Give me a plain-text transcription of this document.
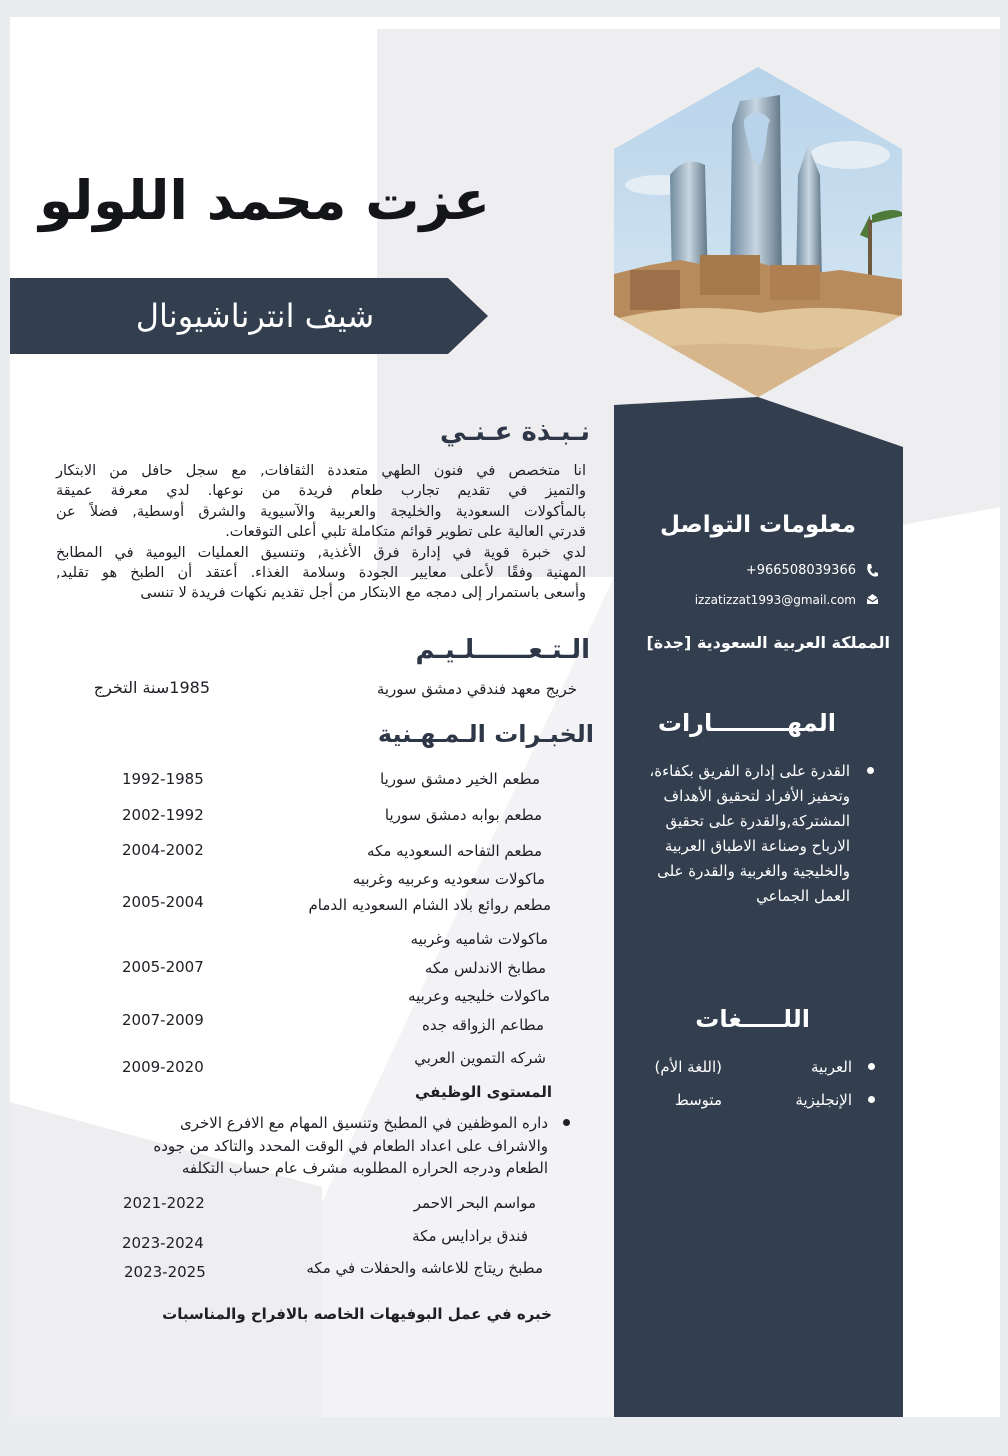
عزت محمد اللولو
شيف انترناشيونال
نـبـذة عـنـي
انا متخصص في فنون الطهي متعددة الثقافات, مع سجل حافل من الابتكار
والتميز في تقديم تجارب طعام فريدة من نوعها. لدي معرفة عميقة
بالمأكولات السعودية والخليجة والعربية والآسيوية والشرق أوسطية, فضلاً عن
قدرتي العالية على تطوير قوائم متكاملة تلبي أعلى التوقعات.
لدي خبرة قوية في إدارة فرق الأغذية, وتنسيق العمليات اليومية في المطابخ
المهنية وفقًا لأعلى معايير الجودة وسلامة الغذاء. أعتقد أن الطبخ هو تقليد,
وأسعى باستمرار إلى دمجه مع الابتكار من أجل تقديم نكهات فريدة لا تنسى
الـتـعــــــلـيـم
خريج معهد فندقي دمشق سورية
1985سنة التخرج
الخبـرات الـمـهـنية
مطعم الخير دمشق سوريا
1992-1985
مطعم بوابه دمشق سوريا
2002-1992
مطعم التفاحه السعوديه مكه
2004-2002
ماكولات سعوديه وعربيه وغربيه
مطعم روائع بلاد الشام السعوديه الدمام
2005-2004
ماكولات شاميه وغربيه
مطابخ الاندلس مكه
2005-2007
ماكولات خليجيه وعربيه
مطاعم الزواقه جده
2007-2009
شركه التموين العربي
2009-2020
المستوى الوظيفي
داره الموظفين في المطبخ وتنسيق المهام مع الافرع الاخرى
والاشراف على اعداد الطعام في الوقت المحدد والتاكد من جوده
الطعام ودرجه الحراره المطلوبه مشرف عام حساب التكلفه
مواسم البحر الاحمر
2021-2022
فندق برادايس مكة
2023-2024
مطبخ ريتاج للاعاشه والحفلات في مكه
2023-2025
خبره في عمل البوفيهات الخاصه بالافراح والمناسبات
معلومات التواصل
+966508039366
izzatizzat1993@gmail.com
المملكة العربية السعودية [جدة]
المهـــــــــارات
القدرة على إدارة الفريق بكفاءة،
وتحفيز الأفراد لتحقيق الأهداف
المشتركة,والقدرة على تحقيق
الارباح وصناعة الاطباق العربية
والخليجية والغربية والقدرة على
العمل الجماعي
اللـــــغات
العربية
(اللغة الأم)
الإنجليزية
متوسط
